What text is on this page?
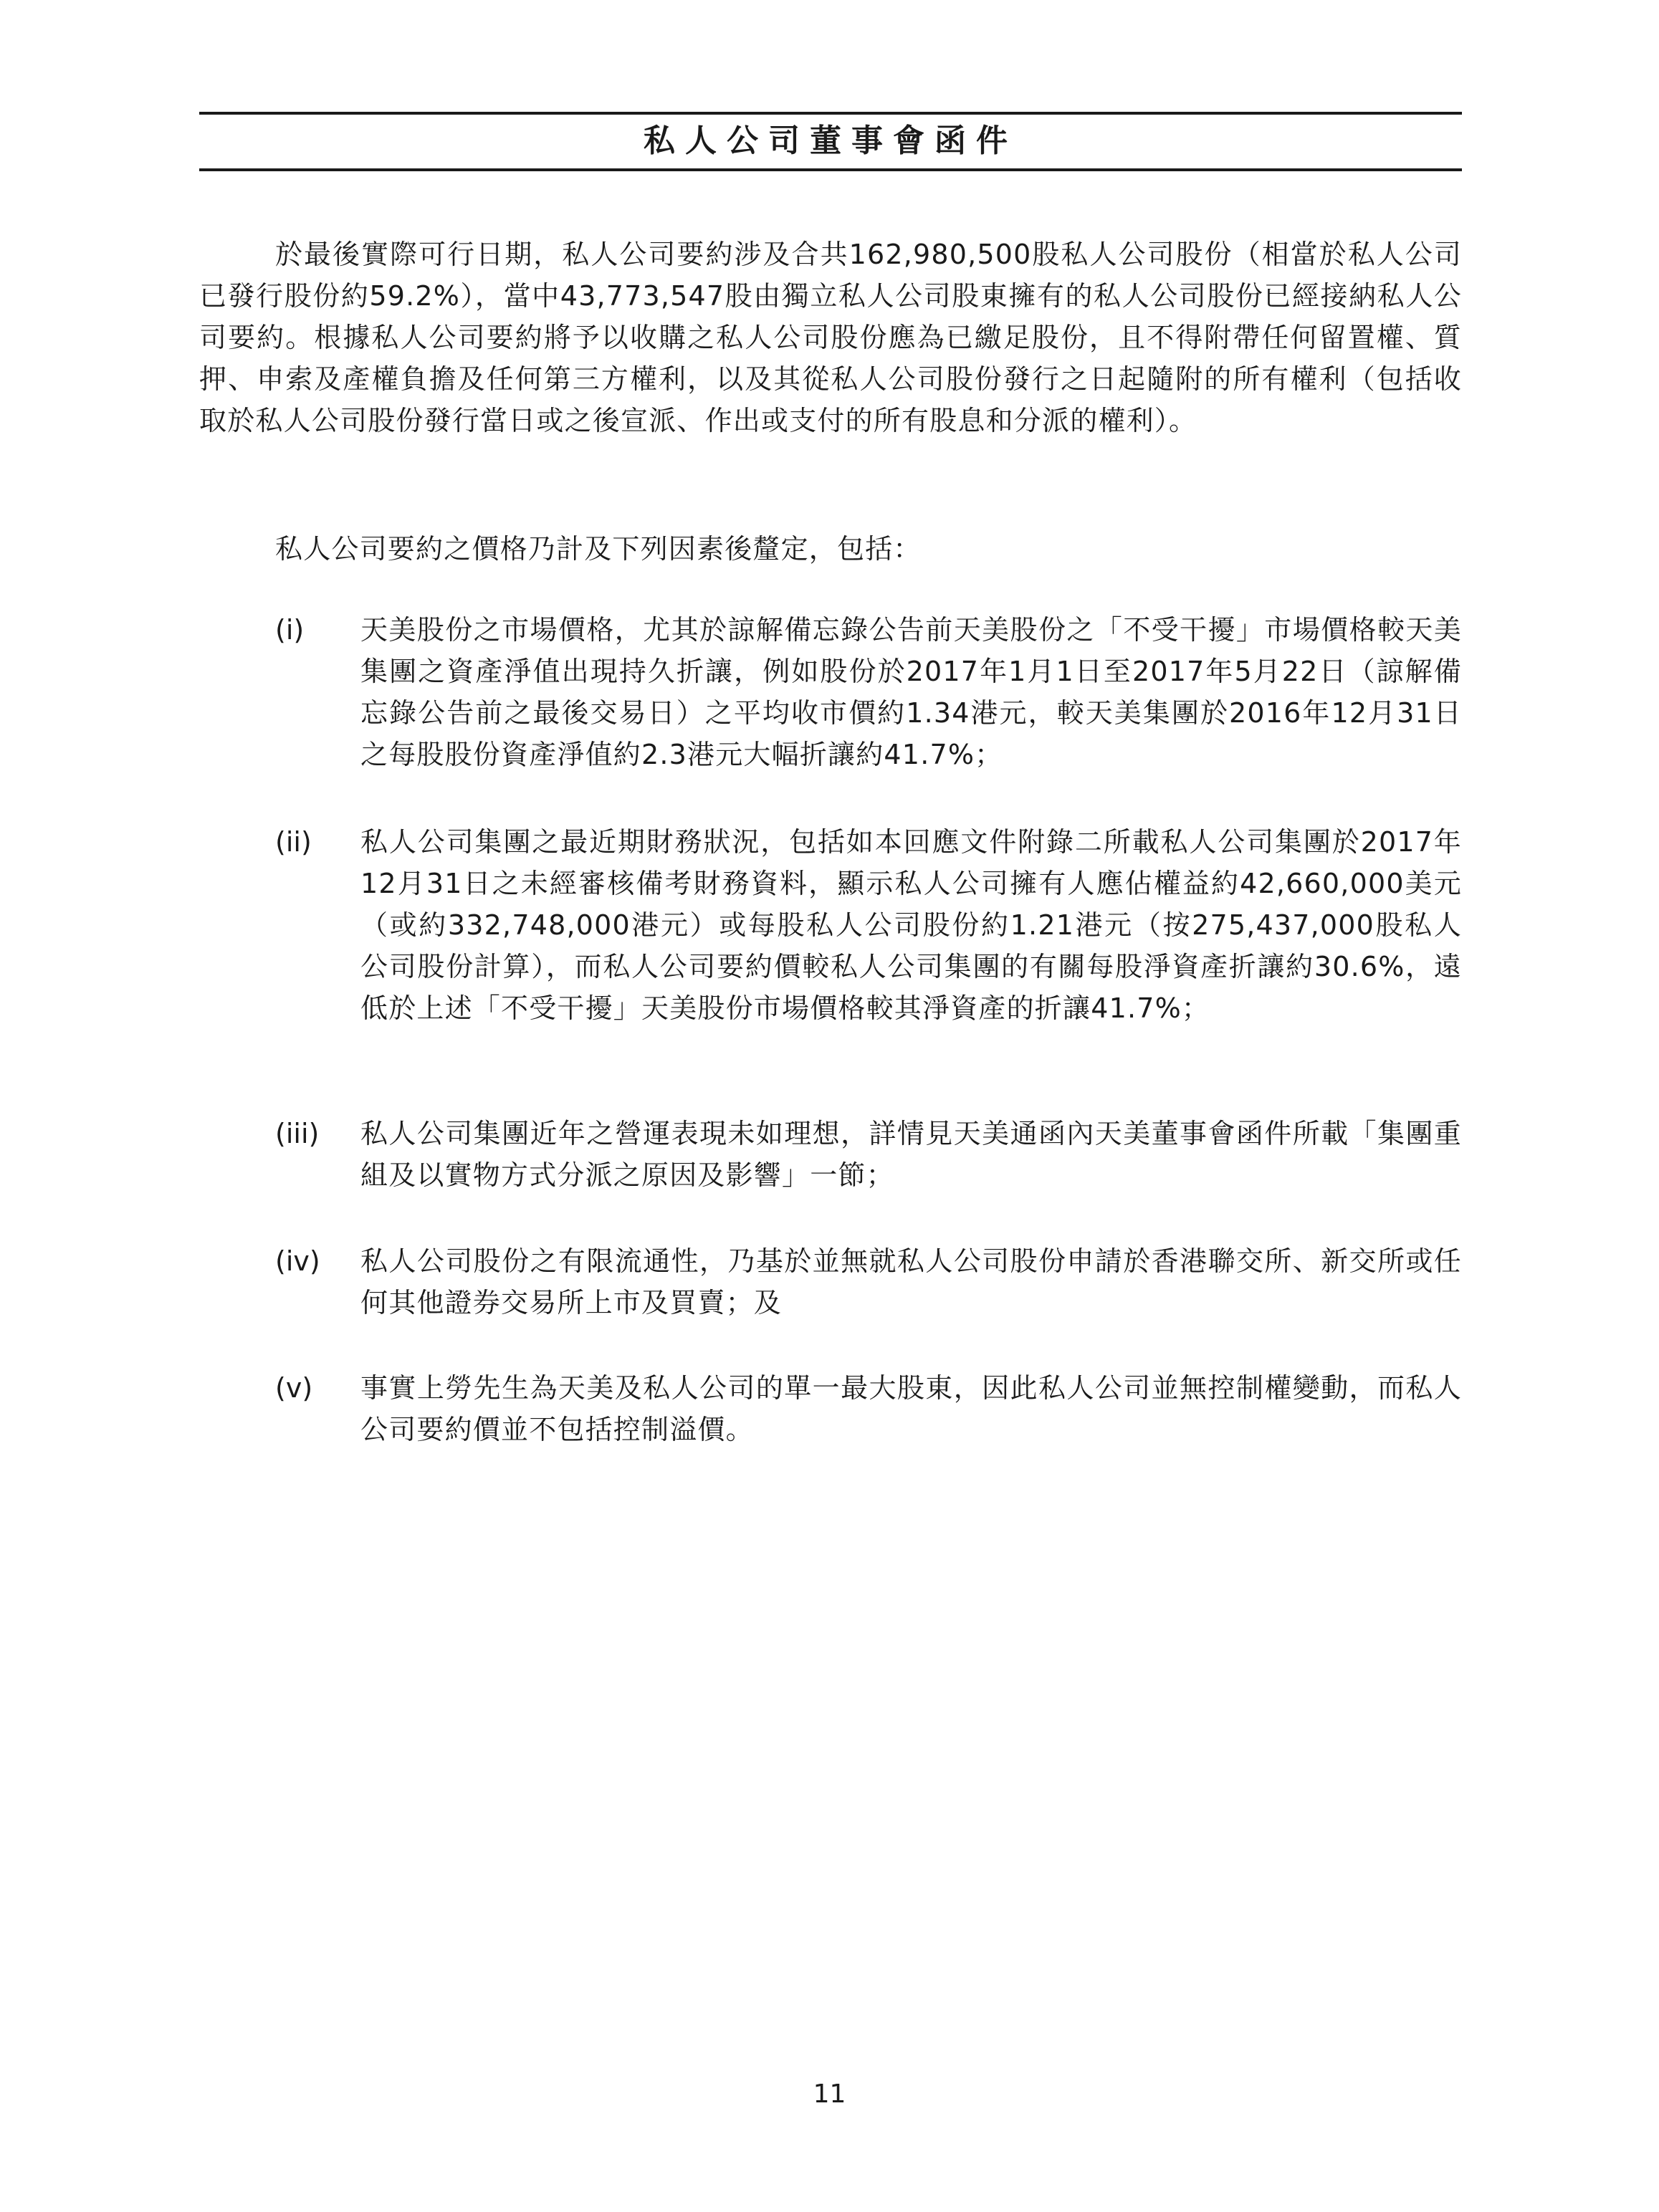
私人公司董事會函件

於最後實際可行日期，私人公司要約涉及合共162,980,500股私人公司股份（相當於私人公司已發行股份約59.2%），當中43,773,547股由獨立私人公司股東擁有的私人公司股份已經接納私人公司要約。根據私人公司要約將予以收購之私人公司股份應為已繳足股份，且不得附帶任何留置權、質押、申索及產權負擔及任何第三方權利，以及其從私人公司股份發行之日起隨附的所有權利（包括收取於私人公司股份發行當日或之後宣派、作出或支付的所有股息和分派的權利）。

私人公司要約之價格乃計及下列因素後釐定，包括：

(i) 天美股份之市場價格，尤其於諒解備忘錄公告前天美股份之「不受干擾」市場價格較天美集團之資產淨值出現持久折讓，例如股份於2017年1月1日至2017年5月22日（諒解備忘錄公告前之最後交易日）之平均收市價約1.34港元，較天美集團於2016年12月31日之每股股份資產淨值約2.3港元大幅折讓約41.7%；

(ii) 私人公司集團之最近期財務狀況，包括如本回應文件附錄二所載私人公司集團於2017年12月31日之未經審核備考財務資料，顯示私人公司擁有人應佔權益約42,660,000美元（或約332,748,000港元）或每股私人公司股份約1.21港元（按275,437,000股私人公司股份計算），而私人公司要約價較私人公司集團的有關每股淨資產折讓約30.6%，遠低於上述「不受干擾」天美股份市場價格較其淨資產的折讓41.7%；

(iii) 私人公司集團近年之營運表現未如理想，詳情見天美通函內天美董事會函件所載「集團重組及以實物方式分派之原因及影響」一節；

(iv) 私人公司股份之有限流通性，乃基於並無就私人公司股份申請於香港聯交所、新交所或任何其他證券交易所上市及買賣；及

(v) 事實上勞先生為天美及私人公司的單一最大股東，因此私人公司並無控制權變動，而私人公司要約價並不包括控制溢價。

11
